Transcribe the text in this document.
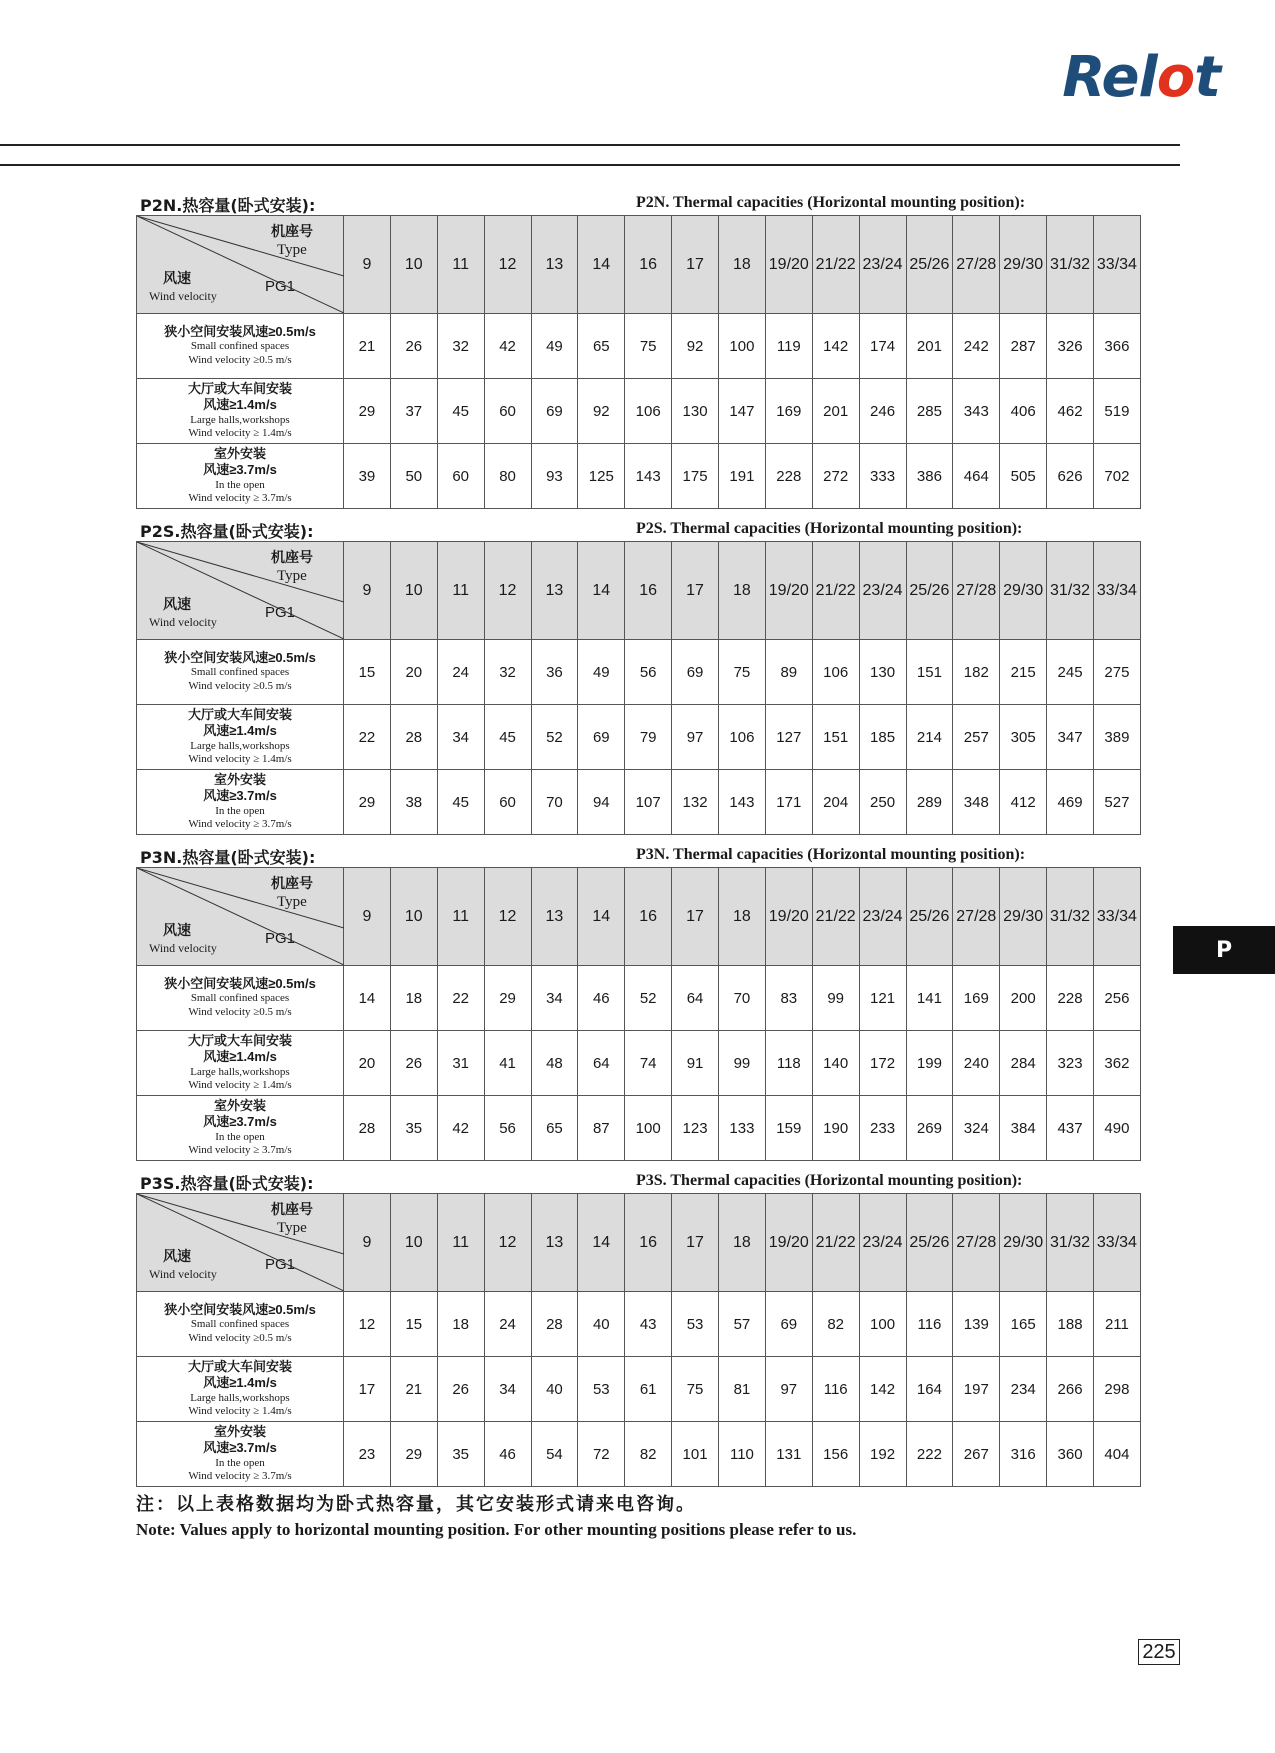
Relot
P2N.热容量(卧式安装):	P2N. Thermal capacities (Horizontal mounting position):
机座号
Type
PG1
风速
Wind velocity	9	10	11	12	13	14	16	17	18	19/20	21/22	23/24	25/26	27/28	29/30	31/32	33/34

狭小空间安装风速≥0.5m/s
Small confined spaces
Wind velocity ≥0.5 m/s	21	26	32	42	49	65	75	92	100	119	142	174	201	242	287	326	366

大厅或大车间安装
风速≥1.4m/s
Large halls,workshops
Wind velocity ≥ 1.4m/s	29	37	45	60	69	92	106	130	147	169	201	246	285	343	406	462	519

室外安装
风速≥3.7m/s
In the open
Wind velocity ≥ 3.7m/s	39	50	60	80	93	125	143	175	191	228	272	333	386	464	505	626	702
P2S.热容量(卧式安装):	P2S. Thermal capacities (Horizontal mounting position):
机座号
Type
PG1
风速
Wind velocity	9	10	11	12	13	14	16	17	18	19/20	21/22	23/24	25/26	27/28	29/30	31/32	33/34

狭小空间安装风速≥0.5m/s
Small confined spaces
Wind velocity ≥0.5 m/s	15	20	24	32	36	49	56	69	75	89	106	130	151	182	215	245	275

大厅或大车间安装
风速≥1.4m/s
Large halls,workshops
Wind velocity ≥ 1.4m/s	22	28	34	45	52	69	79	97	106	127	151	185	214	257	305	347	389

室外安装
风速≥3.7m/s
In the open
Wind velocity ≥ 3.7m/s	29	38	45	60	70	94	107	132	143	171	204	250	289	348	412	469	527
P3N.热容量(卧式安装):	P3N. Thermal capacities (Horizontal mounting position):
机座号
Type
PG1
风速
Wind velocity	9	10	11	12	13	14	16	17	18	19/20	21/22	23/24	25/26	27/28	29/30	31/32	33/34

狭小空间安装风速≥0.5m/s
Small confined spaces
Wind velocity ≥0.5 m/s	14	18	22	29	34	46	52	64	70	83	99	121	141	169	200	228	256

大厅或大车间安装
风速≥1.4m/s
Large halls,workshops
Wind velocity ≥ 1.4m/s	20	26	31	41	48	64	74	91	99	118	140	172	199	240	284	323	362

室外安装
风速≥3.7m/s
In the open
Wind velocity ≥ 3.7m/s	28	35	42	56	65	87	100	123	133	159	190	233	269	324	384	437	490
P3S.热容量(卧式安装):	P3S. Thermal capacities (Horizontal mounting position):
机座号
Type
PG1
风速
Wind velocity	9	10	11	12	13	14	16	17	18	19/20	21/22	23/24	25/26	27/28	29/30	31/32	33/34

狭小空间安装风速≥0.5m/s
Small confined spaces
Wind velocity ≥0.5 m/s	12	15	18	24	28	40	43	53	57	69	82	100	116	139	165	188	211

大厅或大车间安装
风速≥1.4m/s
Large halls,workshops
Wind velocity ≥ 1.4m/s	17	21	26	34	40	53	61	75	81	97	116	142	164	197	234	266	298

室外安装
风速≥3.7m/s
In the open
Wind velocity ≥ 3.7m/s	23	29	35	46	54	72	82	101	110	131	156	192	222	267	316	360	404
注：以上表格数据均为卧式热容量，其它安装形式请来电咨询。
Note: Values apply to horizontal mounting position. For other mounting positions please refer to us.
P
225
